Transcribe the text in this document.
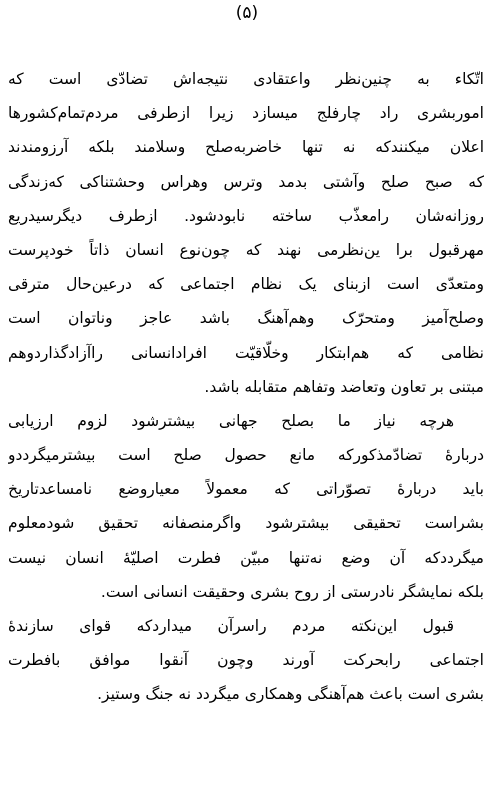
(۵)
اتّکاء به چنین‌نظر واعتقادی نتیجه‌اش تضادّی است که
اموربشری راد چارفلج میسازد زیرا ازطرفی مردم‌تمام‌کشورها
اعلان میکنندکه نه تنها خاضربه‌صلح وسلامند بلکه آرزومندند
که صبح صلح وآشتی بدمد وترس وهراس وحشتناکی که‌زندگی
روزانه‌شان رامعذّب ساخته نابودشود. ازطرف دیگرسیدریع
مهرقبول برا ین‌نظرمی نهند که چون‌نوع انسان ذاتاً خودپرست
ومتعدّی است ازبنای یک نظام اجتماعی که درعین‌حال مترقی
وصلح‌آمیز ومتحرّک وهم‌آهنگ باشد عاجز وناتوان است
نظامی که هم‌ابتکار وخلّاقیّت افرادانسانی راآزادگذاردوهم
مبتنی بر تعاون وتعاضد وتفاهم متقابله باشد.
هرچه نیاز ما بصلح جهانی بیشترشود لزوم ارزیابی
دربارهٔ تضادّمذکورکه مانع حصول صلح است بیشترمیگرددو
باید دربارهٔ تصوّراتی که معمولاً معیاروضع نامساعدتاریخ
بشراست تحقیقی بیشترشود واگرمنصفانه تحقیق شودمعلوم
میگرددکه آن وضع نه‌تنها مبیّن فطرت اصلیّهٔ انسان نیست
بلکه نمایشگر نادرستی از روح بشری وحقیقت انسانی است.
قبول این‌نکته مردم راسرآن میداردکه قوای سازندهٔ
اجتماعی رابحرکت آورند وچون آنقوا موافق بافطرت
بشری است باعث هم‌آهنگی وهمکاری میگردد نه جنگ وستیز.
